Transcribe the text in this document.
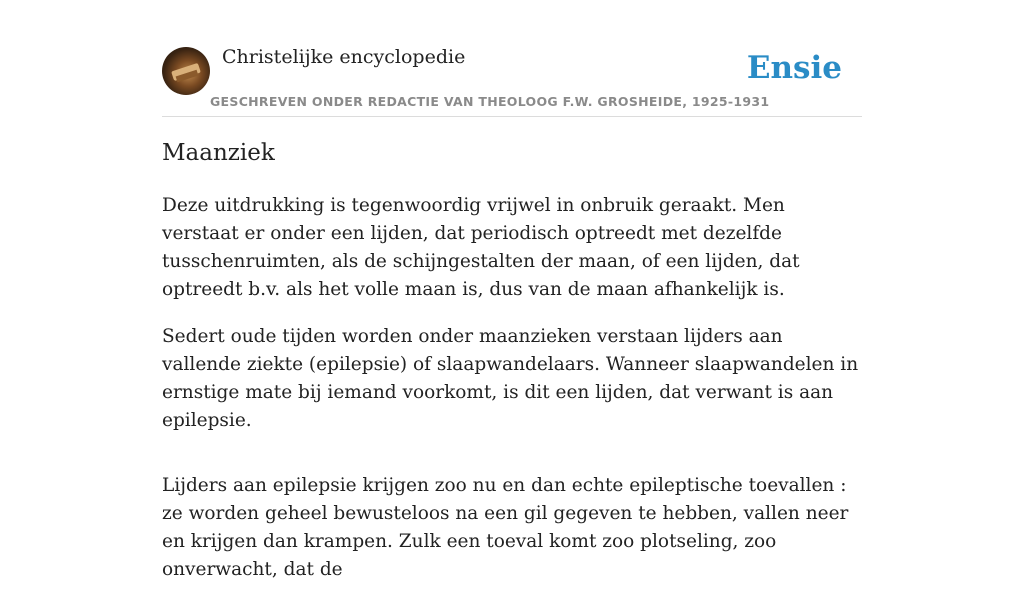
Christelijke encyclopedie
GESCHREVEN ONDER REDACTIE VAN THEOLOOG F.W. GROSHEIDE, 1925-1931
Ensie
Maanziek

Deze uitdrukking is tegenwoordig vrijwel in onbruik geraakt. Men verstaat er onder een lijden, dat periodisch optreedt met dezelfde tusschenruimten, als de schijngestalten der maan, of een lijden, dat optreedt b.v. als het volle maan is, dus van de maan afhankelijk is.

Sedert oude tijden worden onder maanzieken verstaan lijders aan vallende ziekte (epilepsie) of slaapwandelaars. Wanneer slaapwandelen in ernstige mate bij iemand voorkomt, is dit een lijden, dat verwant is aan epilepsie.

Lijders aan epilepsie krijgen zoo nu en dan echte epileptische toevallen : ze worden geheel bewusteloos na een gil gegeven te hebben, vallen neer en krijgen dan krampen. Zulk een toeval komt zoo plotseling, zoo onverwacht, dat de
